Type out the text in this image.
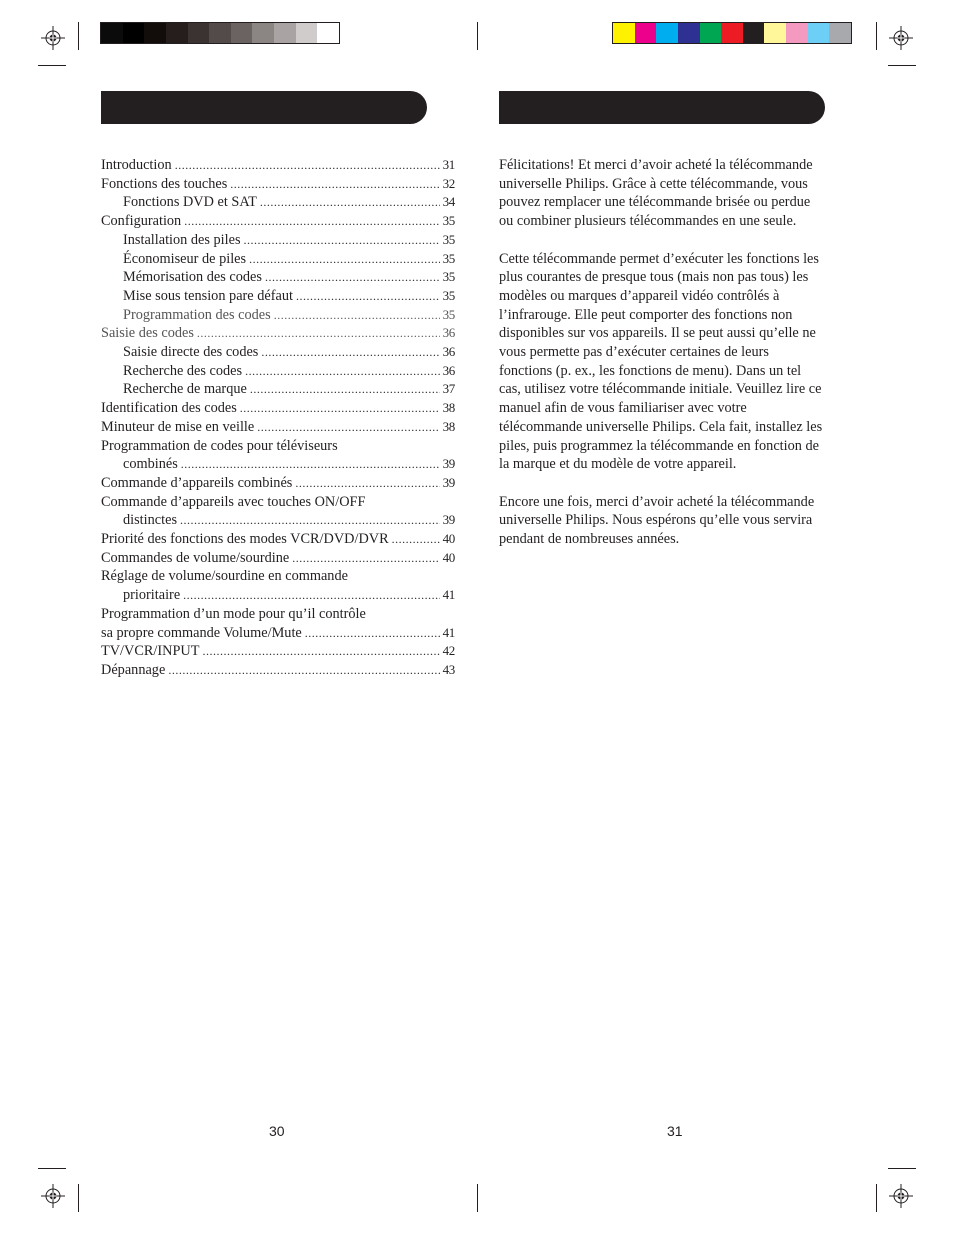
Introduction .....	31
Fonctions des touches .....	32
Fonctions DVD et SAT .....	34
Configuration .....	35
Installation des piles .....	35
Économiseur de piles .....	35
Mémorisation des codes .....	35
Mise sous tension pare défaut .....	35
Programmation des codes .....	35
Saisie des codes .....	36
Saisie directe des codes .....	36
Recherche des codes .....	36
Recherche de marque .....	37
Identification des codes .....	38
Minuteur de mise en veille .....	38
Programmation de codes pour téléviseurs
combinés .....	39
Commande d’appareils combinés .....	39
Commande d’appareils avec touches ON/OFF
distinctes .....	39
Priorité des fonctions des modes VCR/DVD/DVR .....	40
Commandes de volume/sourdine .....	40
Réglage de volume/sourdine en commande
prioritaire .....	41
Programmation d’un mode pour qu’il contrôle
sa propre commande Volume/Mute .....	41
TV/VCR/INPUT .....	42
Dépannage .....	43

Félicitations! Et merci d’avoir acheté la télécommande
universelle Philips. Grâce à cette télécommande, vous
pouvez remplacer une télécommande brisée ou perdue
ou combiner plusieurs télécommandes en une seule.

Cette télécommande permet d’exécuter les fonctions les
plus courantes de presque tous (mais non pas tous) les
modèles ou marques d’appareil vidéo contrôlés à
l’infrarouge. Elle peut comporter des fonctions non
disponibles sur vos appareils. Il se peut aussi qu’elle ne
vous permette pas d’exécuter certaines de leurs
fonctions (p. ex., les fonctions de menu). Dans un tel
cas, utilisez votre télécommande initiale. Veuillez lire ce
manuel afin de vous familiariser avec votre
télécommande universelle Philips. Cela fait, installez les
piles, puis programmez la télécommande en fonction de
la marque et du modèle de votre appareil.

Encore une fois, merci d’avoir acheté la télécommande
universelle Philips. Nous espérons qu’elle vous servira
pendant de nombreuses années.

30	31
